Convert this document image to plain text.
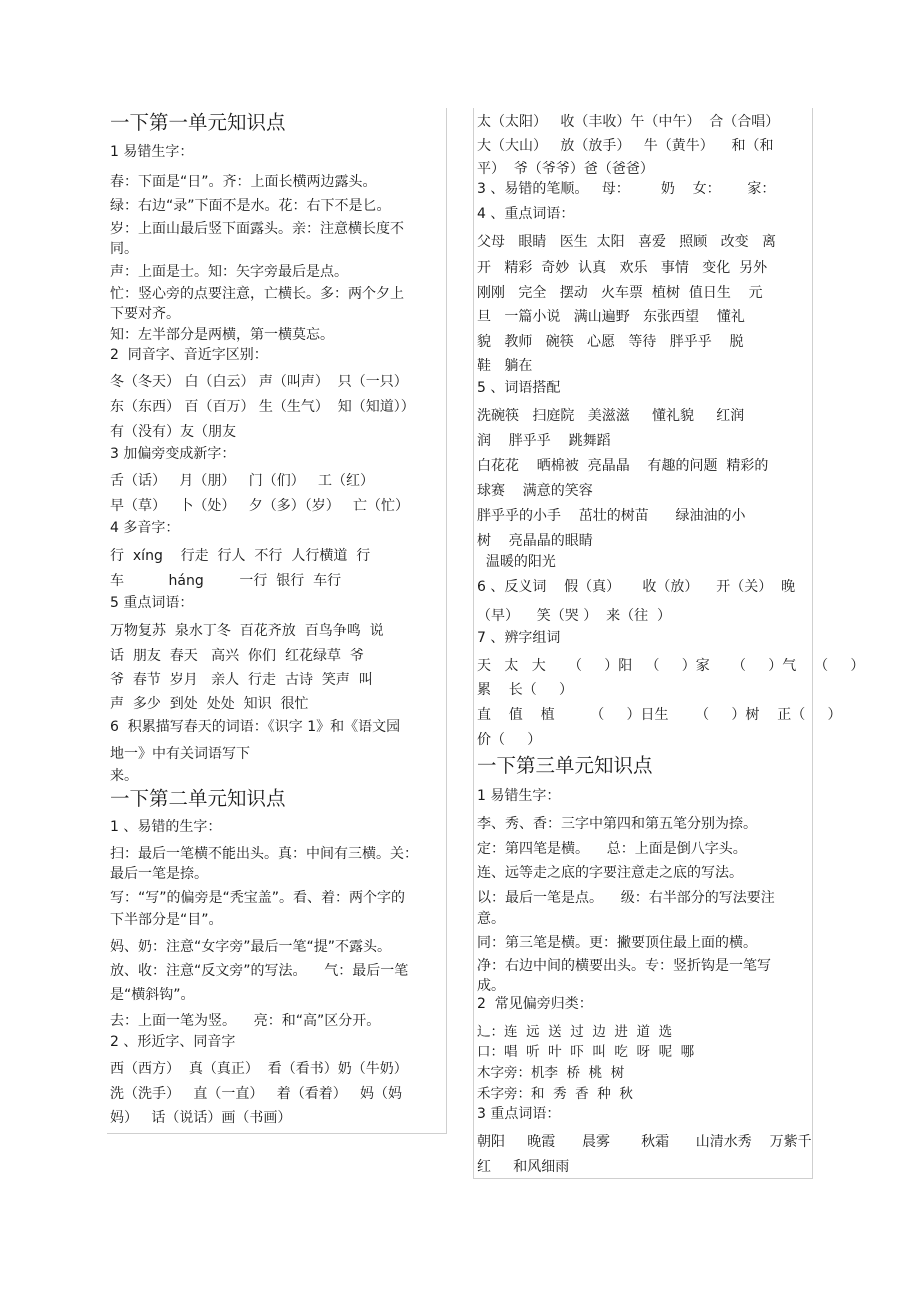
一下第一单元知识点
1 易错生字：
春：下面是“日”。齐：上面长横两边露头。
绿：右边“录”下面不是水。花：右下不是匕。
岁：上面山最后竖下面露头。亲：注意横长度不
同。
声：上面是士。知：矢字旁最后是点。
忙：竖心旁的点要注意，亡横长。多：两个夕上
下要对齐。
知：左半部分是两横，第一横莫忘。
2  同音字、音近字区别：
冬（冬天） 白（白云） 声（叫声）  只（一只）
东（东西） 百（百万） 生（生气）  知（知道））
有（没有）友（朋友
3 加偏旁变成新字：
舌（话）   月（朋）   门（们）   工（红）
早（草）   卜（处）   夕（多）（岁）   亡（忙）
4 多音字：
行  xíng    行走  行人  不行  人行横道  行
车          háng        一行  银行  车行
5 重点词语：
万物复苏  泉水丁冬  百花齐放  百鸟争鸣  说
话  朋友  春天   高兴  你们  红花绿草  爷
爷  春节  岁月   亲人  行走  古诗  笑声  叫
声  多少  到处  处处  知识  很忙
6  积累描写春天的词语：《识字 1》和《语文园
地一》中有关词语写下
来。
一下第二单元知识点
1 、易错的生字：
扫：最后一笔横不能出头。真：中间有三横。关：
最后一笔是捺。
写：“写”的偏旁是“秃宝盖”。看、着：两个字的
下半部分是“目”。
妈、奶：注意“女字旁”最后一笔“提”不露头。
放、收：注意“反文旁”的写法。    气：最后一笔
是“横斜钩”。
去：上面一笔为竖。    亮：和“高”区分开。
2 、形近字、同音字
西（西方）  真（真正）  看（看书）奶（牛奶）
洗（洗手）   直（一直）   着（看着）   妈（妈
妈）   话（说话）画（书画）
太（太阳）   收（丰收）午（中午）  合（合唱）
大（大山）   放（放手）   牛（黄牛）    和（和
平）  爷（爷爷）爸（爸爸）
3 、易错的笔顺。   母：       奶    女：      家：
4 、重点词语：
父母   眼睛   医生  太阳   喜爱   照顾   改变   离
开   精彩  奇妙  认真   欢乐   事情   变化  另外
刚刚   完全   摆动   火车票  植树  值日生    元
旦   一篇小说   满山遍野   东张西望    懂礼
貌   教师   碗筷   心愿   等待   胖乎乎    脱
鞋   躺在
5 、词语搭配
洗碗筷   扫庭院   美滋滋     懂礼貌     红润
润    胖乎乎    跳舞蹈
白花花    晒棉被  亮晶晶    有趣的问题  精彩的
球赛    满意的笑容
胖乎乎的小手    茁壮的树苗      绿油油的小
树    亮晶晶的眼睛
温暖的阳光
6 、反义词    假（真）     收（放）    开（关）  晚
（早）    笑（哭 ）  来（往  ）
7 、辨字组词
天   太   大     （     ）阳   （     ）家     （     ）气    （     ）
累    长（     ）
直    值    植        （     ）日生      （     ）树    正（     ）
价（     ）
一下第三单元知识点
1 易错生字：
李、秀、香：三字中第四和第五笔分别为捺。
定：第四笔是横。    总：上面是倒八字头。
连、远等走之底的字要注意走之底的写法。
以：最后一笔是点。    级：右半部分的写法要注
意。
同：第三笔是横。更：撇要顶住最上面的横。
净：右边中间的横要出头。专：竖折钩是一笔写
成。
2  常见偏旁归类：
辶：连  远  送  过  边  进  道  选
口：唱  听  叶  吓  叫  吃  呀  呢  哪
木字旁：机李  桥  桃  树
禾字旁：和  秀  香  种  秋
3 重点词语：
朝阳     晚霞      晨雾       秋霜      山清水秀    万紫千
红     和风细雨
